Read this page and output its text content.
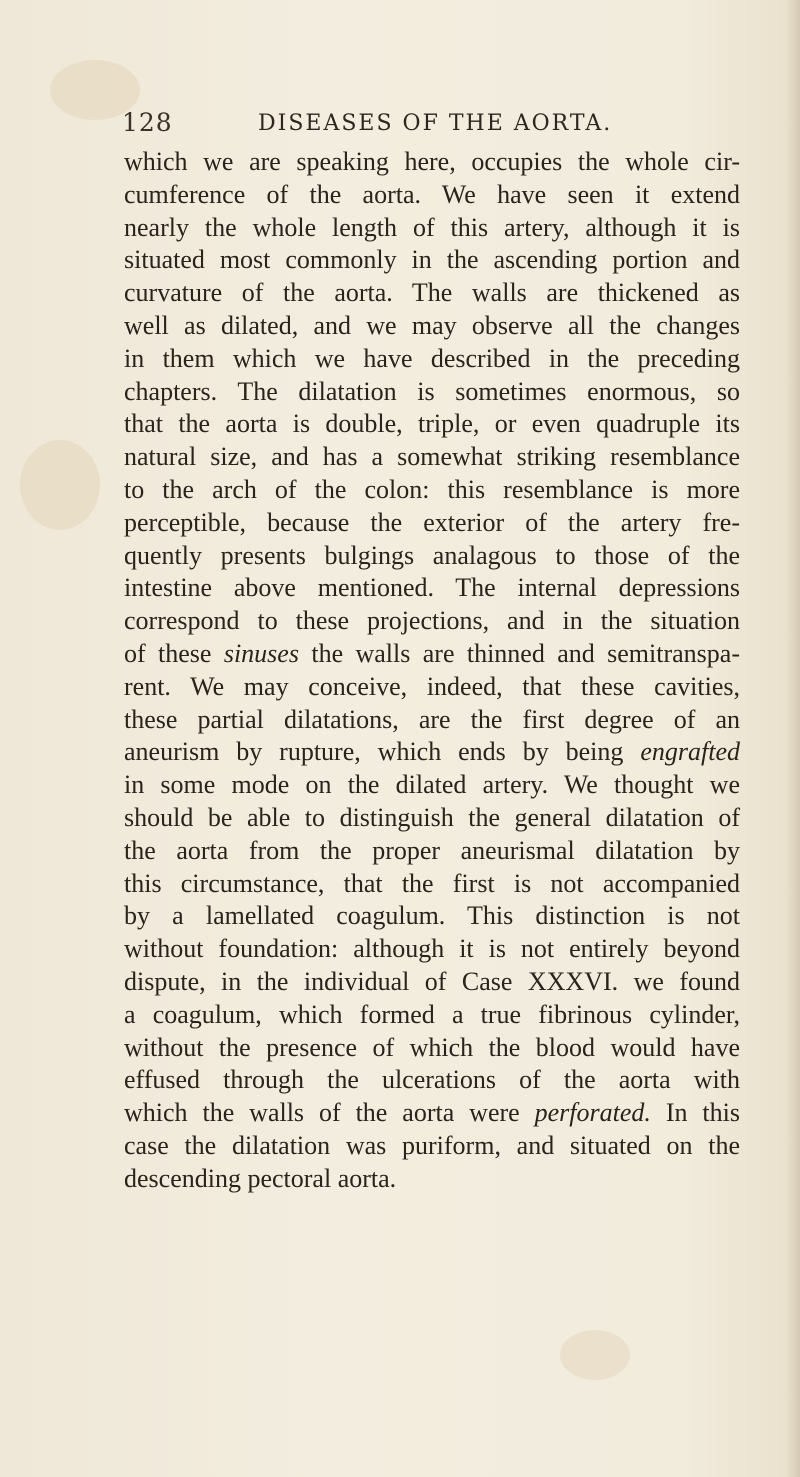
128	DISEASES OF THE AORTA.
which we are speaking here, occupies the whole cir-
cumference of the aorta. We have seen it extend
nearly the whole length of this artery, although it is
situated most commonly in the ascending portion and
curvature of the aorta. The walls are thickened as
well as dilated, and we may observe all the changes
in them which we have described in the preceding
chapters. The dilatation is sometimes enormous, so
that the aorta is double, triple, or even quadruple its
natural size, and has a somewhat striking resemblance
to the arch of the colon: this resemblance is more
perceptible, because the exterior of the artery fre-
quently presents bulgings analagous to those of the
intestine above mentioned. The internal depressions
correspond to these projections, and in the situation
of these sinuses the walls are thinned and semitranspa-
rent. We may conceive, indeed, that these cavities,
these partial dilatations, are the first degree of an
aneurism by rupture, which ends by being engrafted
in some mode on the dilated artery. We thought we
should be able to distinguish the general dilatation of
the aorta from the proper aneurismal dilatation by
this circumstance, that the first is not accompanied
by a lamellated coagulum. This distinction is not
without foundation: although it is not entirely beyond
dispute, in the individual of Case XXXVI. we found
a coagulum, which formed a true fibrinous cylinder,
without the presence of which the blood would have
effused through the ulcerations of the aorta with
which the walls of the aorta were perforated. In this
case the dilatation was puriform, and situated on the
descending pectoral aorta.
